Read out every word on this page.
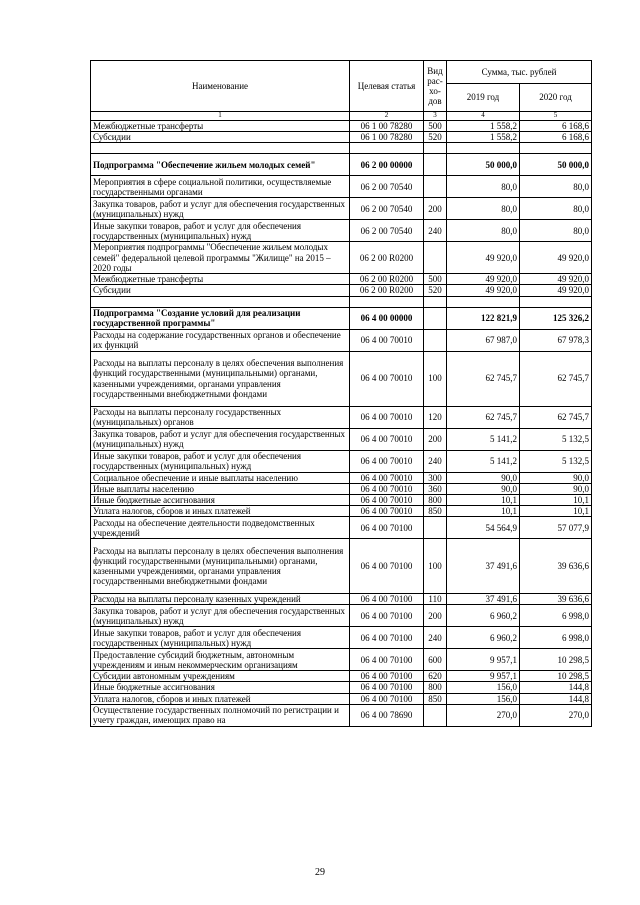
Наименование	Целевая статья	Вид рас-хо-дов	Сумма, тыс. рублей	
			2019 год	2020 год
1	2	3	4	5
Межбюджетные трансферты	06 1 00 78280	500	1 558,2	6 168,6
Субсидии	06 1 00 78280	520	1 558,2	6 168,6

Подпрограмма "Обеспечение жильем молодых семей"	06 2 00 00000		50 000,0	50 000,0
Мероприятия в сфере социальной политики, осуществляемые государственными органами	06 2 00 70540		80,0	80,0
Закупка товаров, работ и услуг для обеспечения государственных (муниципальных) нужд	06 2 00 70540	200	80,0	80,0
Иные закупки товаров, работ и услуг для обеспечения государственных (муниципальных) нужд	06 2 00 70540	240	80,0	80,0
Мероприятия подпрограммы "Обеспечение жильем молодых семей" федеральной целевой программы "Жилище" на 2015 – 2020 годы	06 2 00 R0200		49 920,0	49 920,0
Межбюджетные трансферты	06 2 00 R0200	500	49 920,0	49 920,0
Субсидии	06 2 00 R0200	520	49 920,0	49 920,0

Подпрограмма "Создание условий для реализации государственной программы"	06 4 00 00000		122 821,9	125 326,2
Расходы на содержание государственных органов и обеспечение их функций	06 4 00 70010		67 987,0	67 978,3
Расходы на выплаты персоналу в целях обеспечения выполнения функций государственными (муниципальными) органами, казенными учреждениями, органами управления государственными внебюджетными фондами	06 4 00 70010	100	62 745,7	62 745,7
Расходы на выплаты персоналу государственных (муниципальных) органов	06 4 00 70010	120	62 745,7	62 745,7
Закупка товаров, работ и услуг для обеспечения государственных (муниципальных) нужд	06 4 00 70010	200	5 141,2	5 132,5
Иные закупки товаров, работ и услуг для обеспечения государственных (муниципальных) нужд	06 4 00 70010	240	5 141,2	5 132,5
Социальное обеспечение и иные выплаты населению	06 4 00 70010	300	90,0	90,0
Иные выплаты населению	06 4 00 70010	360	90,0	90,0
Иные бюджетные ассигнования	06 4 00 70010	800	10,1	10,1
Уплата налогов, сборов и иных платежей	06 4 00 70010	850	10,1	10,1
Расходы на обеспечение деятельности подведомственных учреждений	06 4 00 70100		54 564,9	57 077,9
Расходы на выплаты персоналу в целях обеспечения выполнения функций государственными (муниципальными) органами, казенными учреждениями, органами управления государственными внебюджетными фондами	06 4 00 70100	100	37 491,6	39 636,6
Расходы на выплаты персоналу казенных учреждений	06 4 00 70100	110	37 491,6	39 636,6
Закупка товаров, работ и услуг для обеспечения государственных (муниципальных) нужд	06 4 00 70100	200	6 960,2	6 998,0
Иные закупки товаров, работ и услуг для обеспечения государственных (муниципальных) нужд	06 4 00 70100	240	6 960,2	6 998,0
Предоставление субсидий бюджетным, автономным учреждениям и иным некоммерческим организациям	06 4 00 70100	600	9 957,1	10 298,5
Субсидии автономным учреждениям	06 4 00 70100	620	9 957,1	10 298,5
Иные бюджетные ассигнования	06 4 00 70100	800	156,0	144,8
Уплата налогов, сборов и иных платежей	06 4 00 70100	850	156,0	144,8
Осуществление государственных полномочий по регистрации и учету граждан, имеющих право на	06 4 00 78690		270,0	270,0
29
